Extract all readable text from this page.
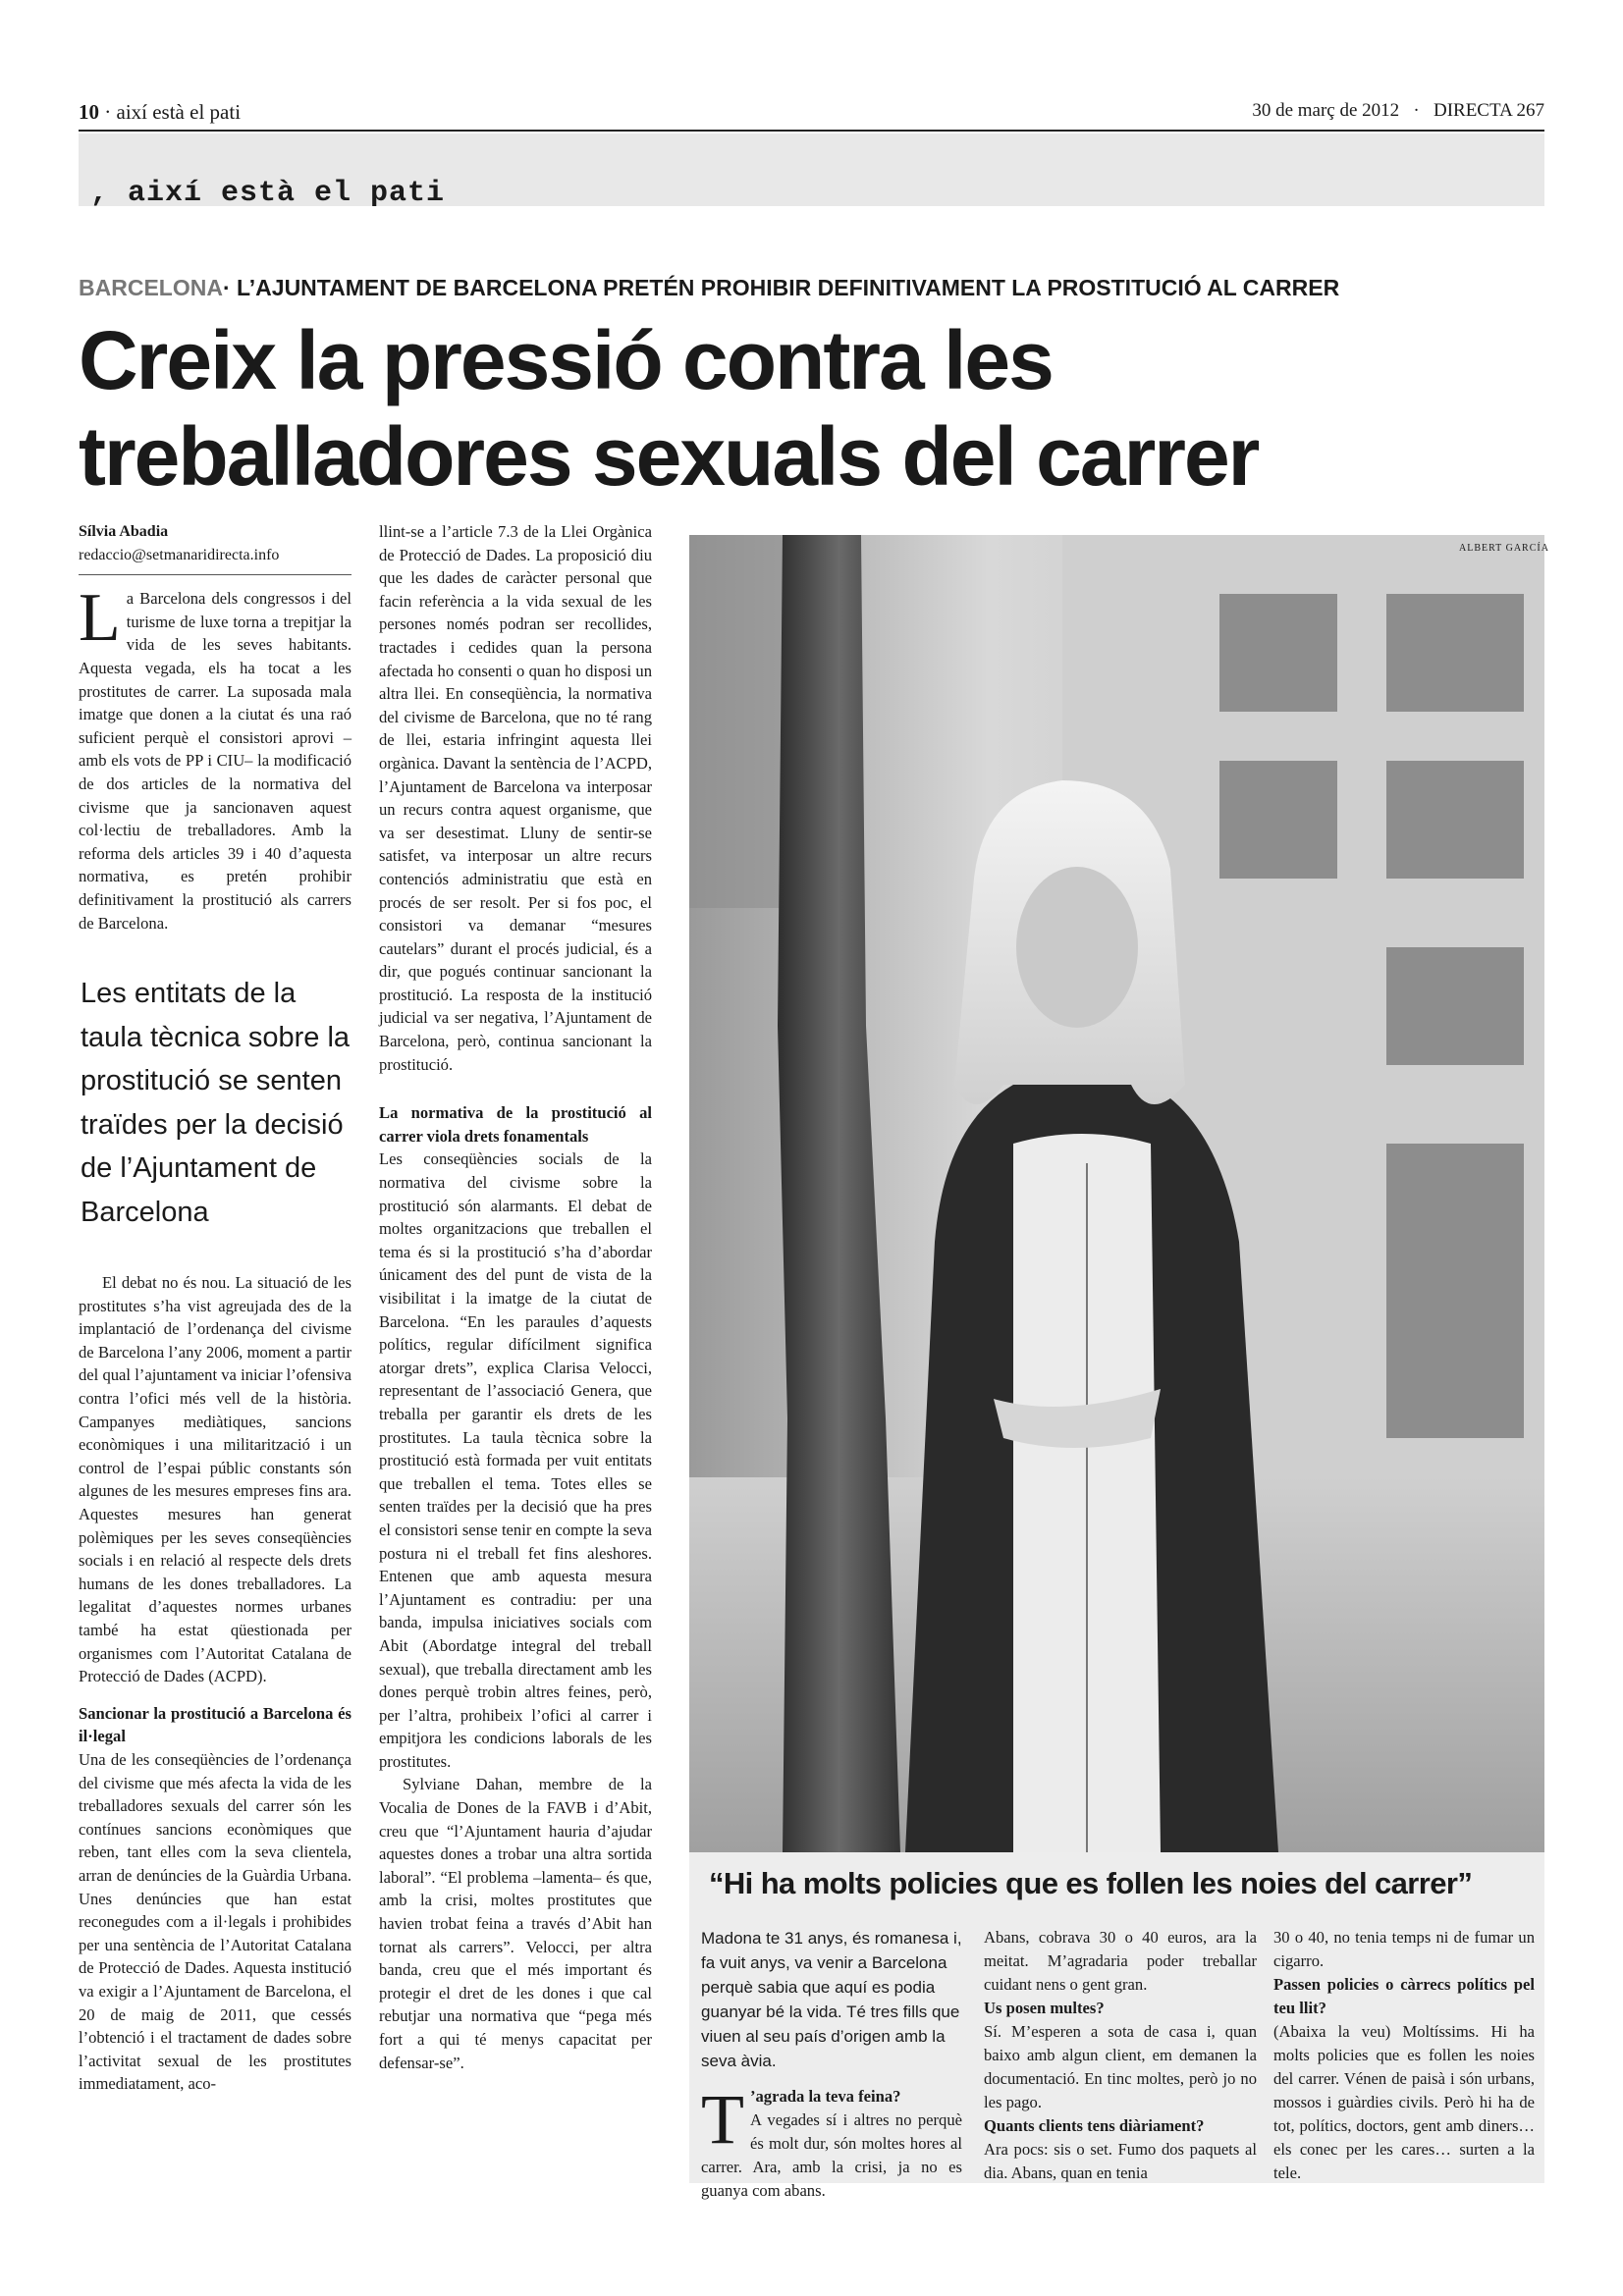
10 · així està el pati	30 de març de 2012 · DIRECTA 267
, així està el pati
BARCELONA· L’AJUNTAMENT DE BARCELONA PRETÉN PROHIBIR DEFINITIVAMENT LA PROSTITUCIÓ AL CARRER
Creix la pressió contra les
treballadores sexuals del carrer
Sílvia Abadia
redaccio@setmanaridirecta.info

La Barcelona dels congressos i del turisme de luxe torna a trepitjar la vida de les seves habitants. Aquesta vegada, els ha tocat a les prostitutes de carrer. La suposada mala imatge que donen a la ciutat és una raó suficient perquè el consistori aprovi –amb els vots de PP i CIU– la modificació de dos articles de la normativa del civisme que ja sancionaven aquest col·lectiu de treballadores. Amb la reforma dels articles 39 i 40 d’aquesta normativa, es pretén prohibir definitivament la prostitució als carrers de Barcelona.

Les entitats de la taula tècnica sobre la prostitució se senten traïdes per la decisió de l’Ajuntament de Barcelona

El debat no és nou. La situació de les prostitutes s’ha vist agreujada des de la implantació de l’ordenança del civisme de Barcelona l’any 2006, moment a partir del qual l’ajuntament va iniciar l’ofensiva contra l’ofici més vell de la història. Campanyes mediàtiques, sancions econòmiques i una militarització i un control de l’espai públic constants són algunes de les mesures empreses fins ara. Aquestes mesures han generat polèmiques per les seves conseqüències socials i en relació al respecte dels drets humans de les dones treballadores. La legalitat d’aquestes normes urbanes també ha estat qüestionada per organismes com l’Autoritat Catalana de Protecció de Dades (ACPD).

Sancionar la prostitució a Barcelona és il·legal

Una de les conseqüències de l’ordenança del civisme que més afecta la vida de les treballadores sexuals del carrer són les contínues sancions econòmiques que reben, tant elles com la seva clientela, arran de denúncies de la Guàrdia Urbana. Unes denúncies que han estat reconegudes com a il·legals i prohibides per una sentència de l’Autoritat Catalana de Protecció de Dades. Aquesta institució va exigir a l’Ajuntament de Barcelona, el 20 de maig de 2011, que cessés l’obtenció i el tractament de dades sobre l’activitat sexual de les prostitutes immediatament, aco-

llint-se a l’article 7.3 de la Llei Orgànica de Protecció de Dades. La proposició diu que les dades de caràcter personal que facin referència a la vida sexual de les persones només podran ser recollides, tractades i cedides quan la persona afectada ho consenti o quan ho disposi un altra llei. En conseqüència, la normativa del civisme de Barcelona, que no té rang de llei, estaria infringint aquesta llei orgànica. Davant la sentència de l’ACPD, l’Ajuntament de Barcelona va interposar un recurs contra aquest organisme, que va ser desestimat. Lluny de sentir-se satisfet, va interposar un altre recurs contenciós administratiu que està en procés de ser resolt. Per si fos poc, el consistori va demanar “mesures cautelars” durant el procés judicial, és a dir, que pogués continuar sancionant la prostitució. La resposta de la institució judicial va ser negativa, l’Ajuntament de Barcelona, però, continua sancionant la prostitució.

La normativa de la prostitució al carrer viola drets fonamentals

Les conseqüències socials de la normativa del civisme sobre la prostitució són alarmants. El debat de moltes organitzacions que treballen el tema és si la prostitució s’ha d’abordar únicament des del punt de vista de la visibilitat i la imatge de la ciutat de Barcelona. “En les paraules d’aquests polítics, regular difícilment significa atorgar drets”, explica Clarisa Velocci, representant de l’associació Genera, que treballa per garantir els drets de les prostitutes. La taula tècnica sobre la prostitució està formada per vuit entitats que treballen el tema. Totes elles se senten traïdes per la decisió que ha pres el consistori sense tenir en compte la seva postura ni el treball fet fins aleshores. Entenen que amb aquesta mesura l’Ajuntament es contradiu: per una banda, impulsa iniciatives socials com Abit (Abordatge integral del treball sexual), que treballa directament amb les dones perquè trobin altres feines, però, per l’altra, prohibeix l’ofici al carrer i empitjora les condicions laborals de les prostitutes.

Sylviane Dahan, membre de la Vocalia de Dones de la FAVB i d’Abit, creu que “l’Ajuntament hauria d’ajudar aquestes dones a trobar una altra sortida laboral”. “El problema –lamenta– és que, amb la crisi, moltes prostitutes que havien trobat feina a través d’Abit han tornat als carrers”. Velocci, per altra banda, creu que el més important és protegir el dret de les dones i que cal rebutjar una normativa que “pega més fort a qui té menys capacitat per defensar-se”.

ALBERT GARCÍA
“Hi ha molts policies que es follen les noies del carrer”
Madona te 31 anys, és romanesa i, fa vuit anys, va venir a Barcelona perquè sabia que aquí es podia guanyar bé la vida. Té tres fills que viuen al seu país d’origen amb la seva àvia.
T ’agrada la teva feina?
A vegades sí i altres no perquè és molt dur, són moltes hores al carrer. Ara, amb la crisi, ja no es guanya com abans.
Abans, cobrava 30 o 40 euros, ara la meitat. M’agradaria poder treballar cuidant nens o gent gran.
Us posen multes?
Sí. M’esperen a sota de casa i, quan baixo amb algun client, em demanen la documentació. En tinc moltes, però jo no les pago.
Quants clients tens diàriament?
Ara pocs: sis o set. Fumo dos paquets al dia. Abans, quan en tenia
30 o 40, no tenia temps ni de fumar un cigarro.
Passen policies o càrrecs polítics pel teu llit?
(Abaixa la veu) Moltíssims. Hi ha molts policies que es follen les noies del carrer. Vénen de paisà i són urbans, mossos i guàrdies civils. Però hi ha de tot, polítics, doctors, gent amb diners… els conec per les cares… surten a la tele.
